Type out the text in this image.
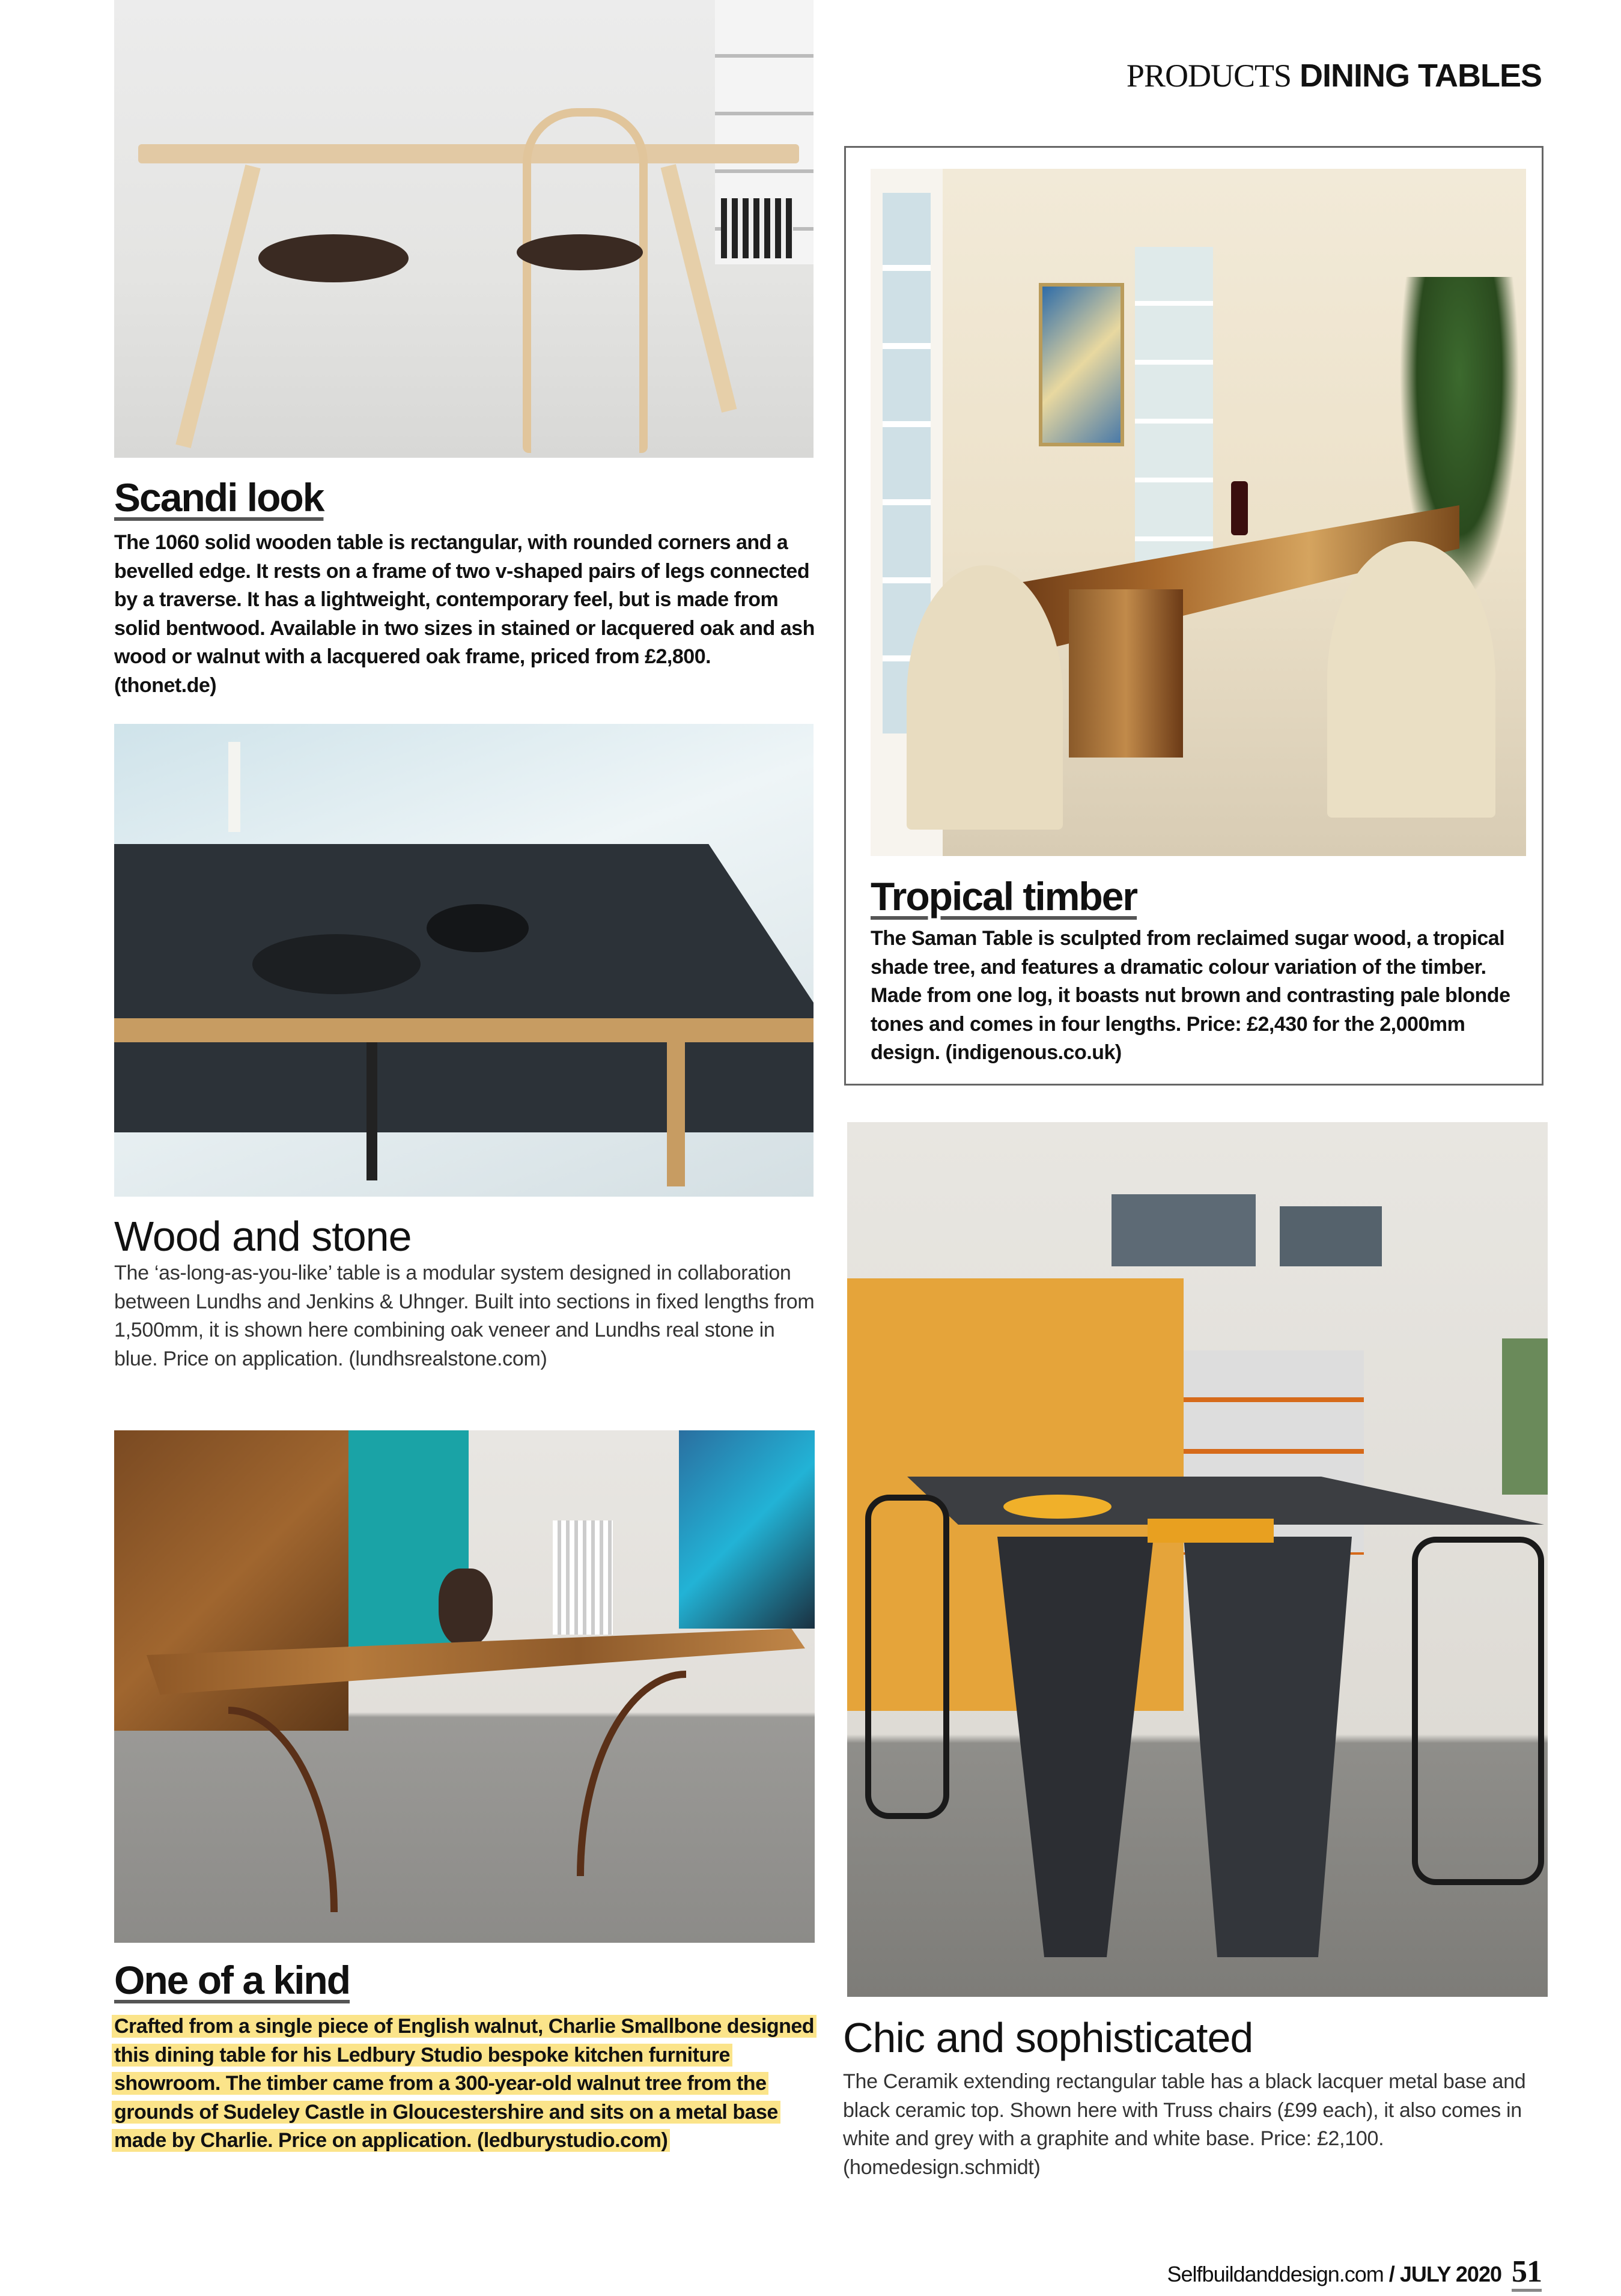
PRODUCTS DINING TABLES
Scandi look
The 1060 solid wooden table is rectangular, with rounded corners and a bevelled edge. It rests on a frame of two v-shaped pairs of legs connected by a traverse. It has a lightweight, contemporary feel, but is made from solid bentwood. Available in two sizes in stained or lacquered oak and ash wood or walnut with a lacquered oak frame, priced from £2,800. (thonet.de)
Wood and stone
The ‘as-long-as-you-like’ table is a modular system designed in collaboration between Lundhs and Jenkins & Uhnger. Built into sections in fixed lengths from 1,500mm, it is shown here combining oak veneer and Lundhs real stone in blue. Price on application. (lundhsrealstone.com)
One of a kind
Crafted from a single piece of English walnut, Charlie Smallbone designed this dining table for his Ledbury Studio bespoke kitchen furniture showroom. The timber came from a 300-year-old walnut tree from the grounds of Sudeley Castle in Gloucestershire and sits on a metal base made by Charlie. Price on application. (ledburystudio.com)
Tropical timber
The Saman Table is sculpted from reclaimed sugar wood, a tropical shade tree, and features a dramatic colour variation of the timber. Made from one log, it boasts nut brown and contrasting pale blonde tones and comes in four lengths. Price: £2,430 for the 2,000mm design. (indigenous.co.uk)
Chic and sophisticated
The Ceramik extending rectangular table has a black lacquer metal base and black ceramic top. Shown here with Truss chairs (£99 each), it also comes in white and grey with a graphite and white base. Price: £2,100. (homedesign.schmidt)
Selfbuildanddesign.com / JULY 2020 51
